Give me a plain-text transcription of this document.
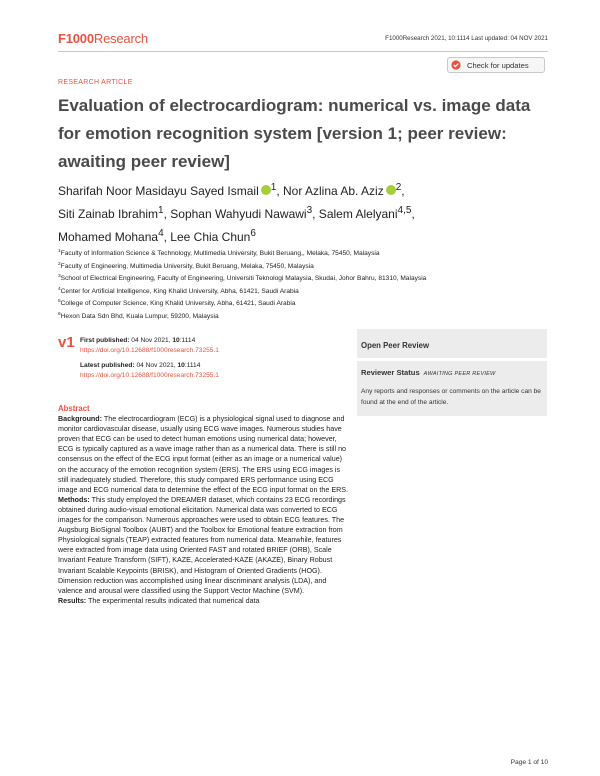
F1000Research	F1000Research 2021, 10:1114 Last updated: 04 NOV 2021
RESEARCH ARTICLE
Check for updates
Evaluation of electrocardiogram: numerical vs. image data for emotion recognition system [version 1; peer review: awaiting peer review]
Sharifah Noor Masidayu Sayed Ismail $^1$, Nor Azlina Ab. Aziz $^2$,
Siti Zainab Ibrahim$^1$, Sophan Wahyudi Nawawi$^3$, Salem Alelyani$^{4,5}$,
Mohamed Mohana$^4$, Lee Chia Chun$^6$
$^1$Faculty of Information Science & Technology, Multimedia University, Bukit Beruang,, Melaka, 75450, Malaysia
$^2$Faculty of Engineering, Multimedia University, Bukit Beruang, Melaka, 75450, Malaysia
$^3$School of Electrical Engineering, Faculty of Engineering, Universiti Teknologi Malaysia, Skudai, Johor Bahru, 81310, Malaysia
$^4$Center for Artificial Intelligence, King Khalid University, Abha, 61421, Saudi Arabia
$^5$College of Computer Science, King Khalid University, Abha, 61421, Saudi Arabia
$^6$Hexon Data Sdn Bhd, Kuala Lumpur, 59200, Malaysia
v1 First published: 04 Nov 2021, 10:1114
https://doi.org/10.12688/f1000research.73255.1
Latest published: 04 Nov 2021, 10:1114
https://doi.org/10.12688/f1000research.73255.1
Open Peer Review
Reviewer Status AWAITING PEER REVIEW
Any reports and responses or comments on the article can be found at the end of the article.
Abstract
Background: The electrocardiogram (ECG) is a physiological signal used to diagnose and monitor cardiovascular disease, usually using ECG wave images. Numerous studies have proven that ECG can be used to detect human emotions using numerical data; however, ECG is typically captured as a wave image rather than as a numerical data. There is still no consensus on the effect of the ECG input format (either as an image or a numerical value) on the accuracy of the emotion recognition system (ERS). The ERS using ECG images is still inadequately studied. Therefore, this study compared ERS performance using ECG image and ECG numerical data to determine the effect of the ECG input format on the ERS.
Methods: This study employed the DREAMER dataset, which contains 23 ECG recordings obtained during audio-visual emotional elicitation. Numerical data was converted to ECG images for the comparison. Numerous approaches were used to obtain ECG features. The Augsburg BioSignal Toolbox (AUBT) and the Toolbox for Emotional feature extraction from Physiological signals (TEAP) extracted features from numerical data. Meanwhile, features were extracted from image data using Oriented FAST and rotated BRIEF (ORB), Scale Invariant Feature Transform (SIFT), KAZE, Accelerated-KAZE (AKAZE), Binary Robust Invariant Scalable Keypoints (BRISK), and Histogram of Oriented Gradients (HOG). Dimension reduction was accomplished using linear discriminant analysis (LDA), and valence and arousal were classified using the Support Vector Machine (SVM).
Results: The experimental results indicated that numerical data
Page 1 of 10
